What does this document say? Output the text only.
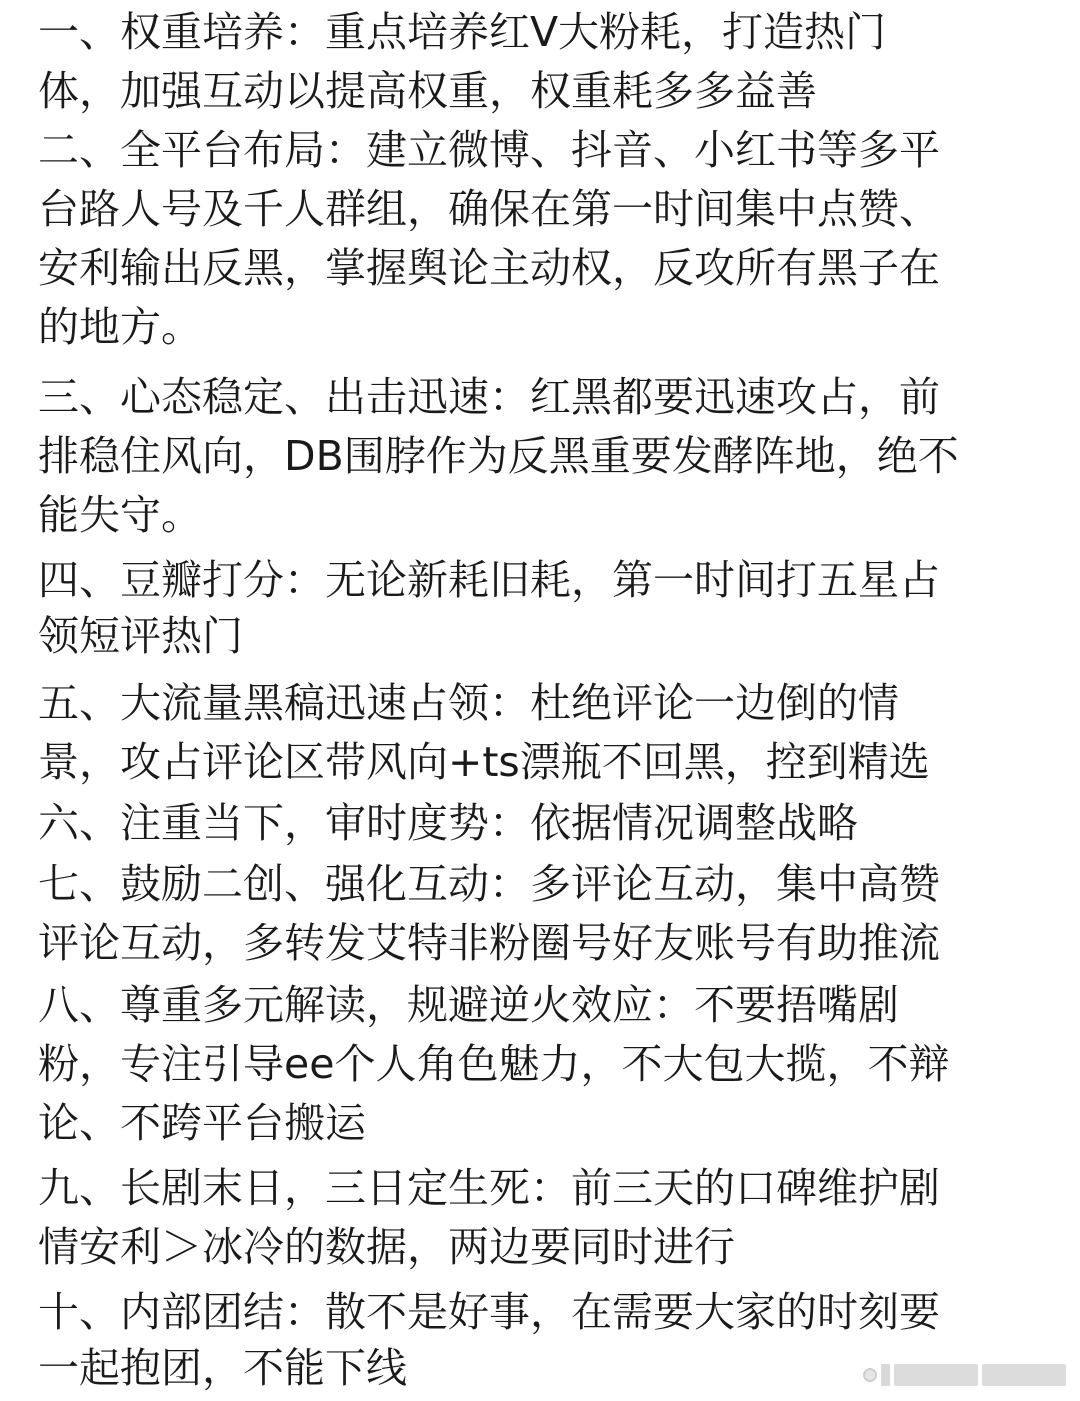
一、权重培养：重点培养红V大粉耗，打造热门
体，加强互动以提高权重，权重耗多多益善
二、全平台布局：建立微博、抖音、小红书等多平
台路人号及千人群组，确保在第一时间集中点赞、
安利输出反黑，掌握舆论主动权，反攻所有黑子在
的地方。
三、心态稳定、出击迅速：红黑都要迅速攻占，前
排稳住风向，DB围脖作为反黑重要发酵阵地，绝不
能失守。
四、豆瓣打分：无论新耗旧耗，第一时间打五星占
领短评热门
五、大流量黑稿迅速占领：杜绝评论一边倒的情
景，攻占评论区带风向+ts漂瓶不回黑，控到精选
六、注重当下，审时度势：依据情况调整战略
七、鼓励二创、强化互动：多评论互动，集中高赞
评论互动，多转发艾特非粉圈号好友账号有助推流
八、尊重多元解读，规避逆火效应：不要捂嘴剧
粉，专注引导ee个人角色魅力，不大包大揽，不辩
论、不跨平台搬运
九、长剧末日，三日定生死：前三天的口碑维护剧
情安利＞冰冷的数据，两边要同时进行
十、内部团结：散不是好事，在需要大家的时刻要
一起抱团，不能下线
